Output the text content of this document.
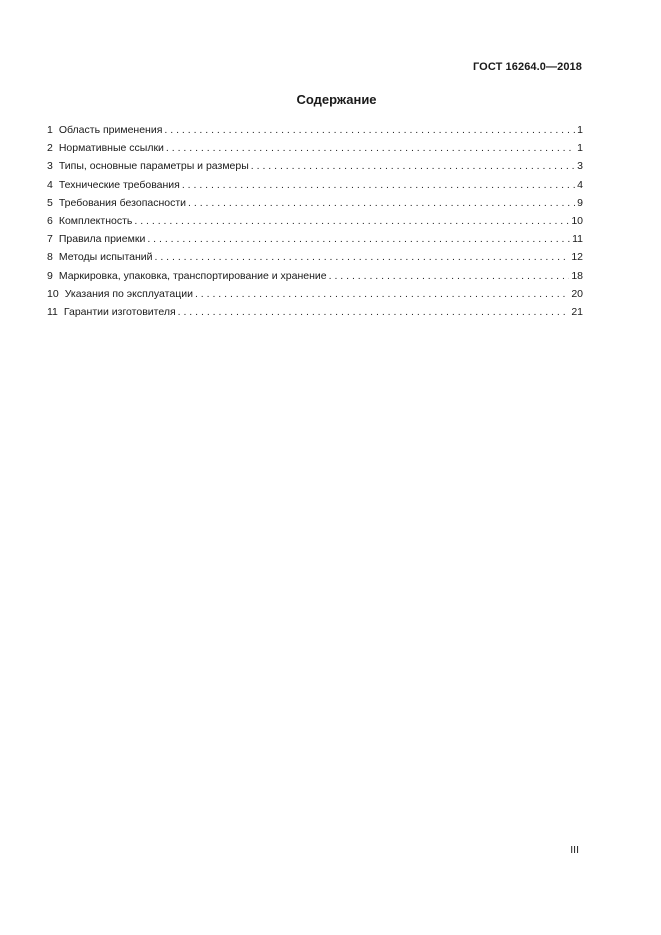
ГОСТ 16264.0—2018
Содержание
1 Область применения . . .	1
2 Нормативные ссылки . . .	1
3 Типы, основные параметры и размеры . . .	3
4 Технические требования . . .	4
5 Требования безопасности . . .	9
6 Комплектность . . .	10
7 Правила приемки . . .	11
8 Методы испытаний . . .	12
9 Маркировка, упаковка, транспортирование и хранение . . .	18
10 Указания по эксплуатации . . .	20
11 Гарантии изготовителя . . .	21
III
